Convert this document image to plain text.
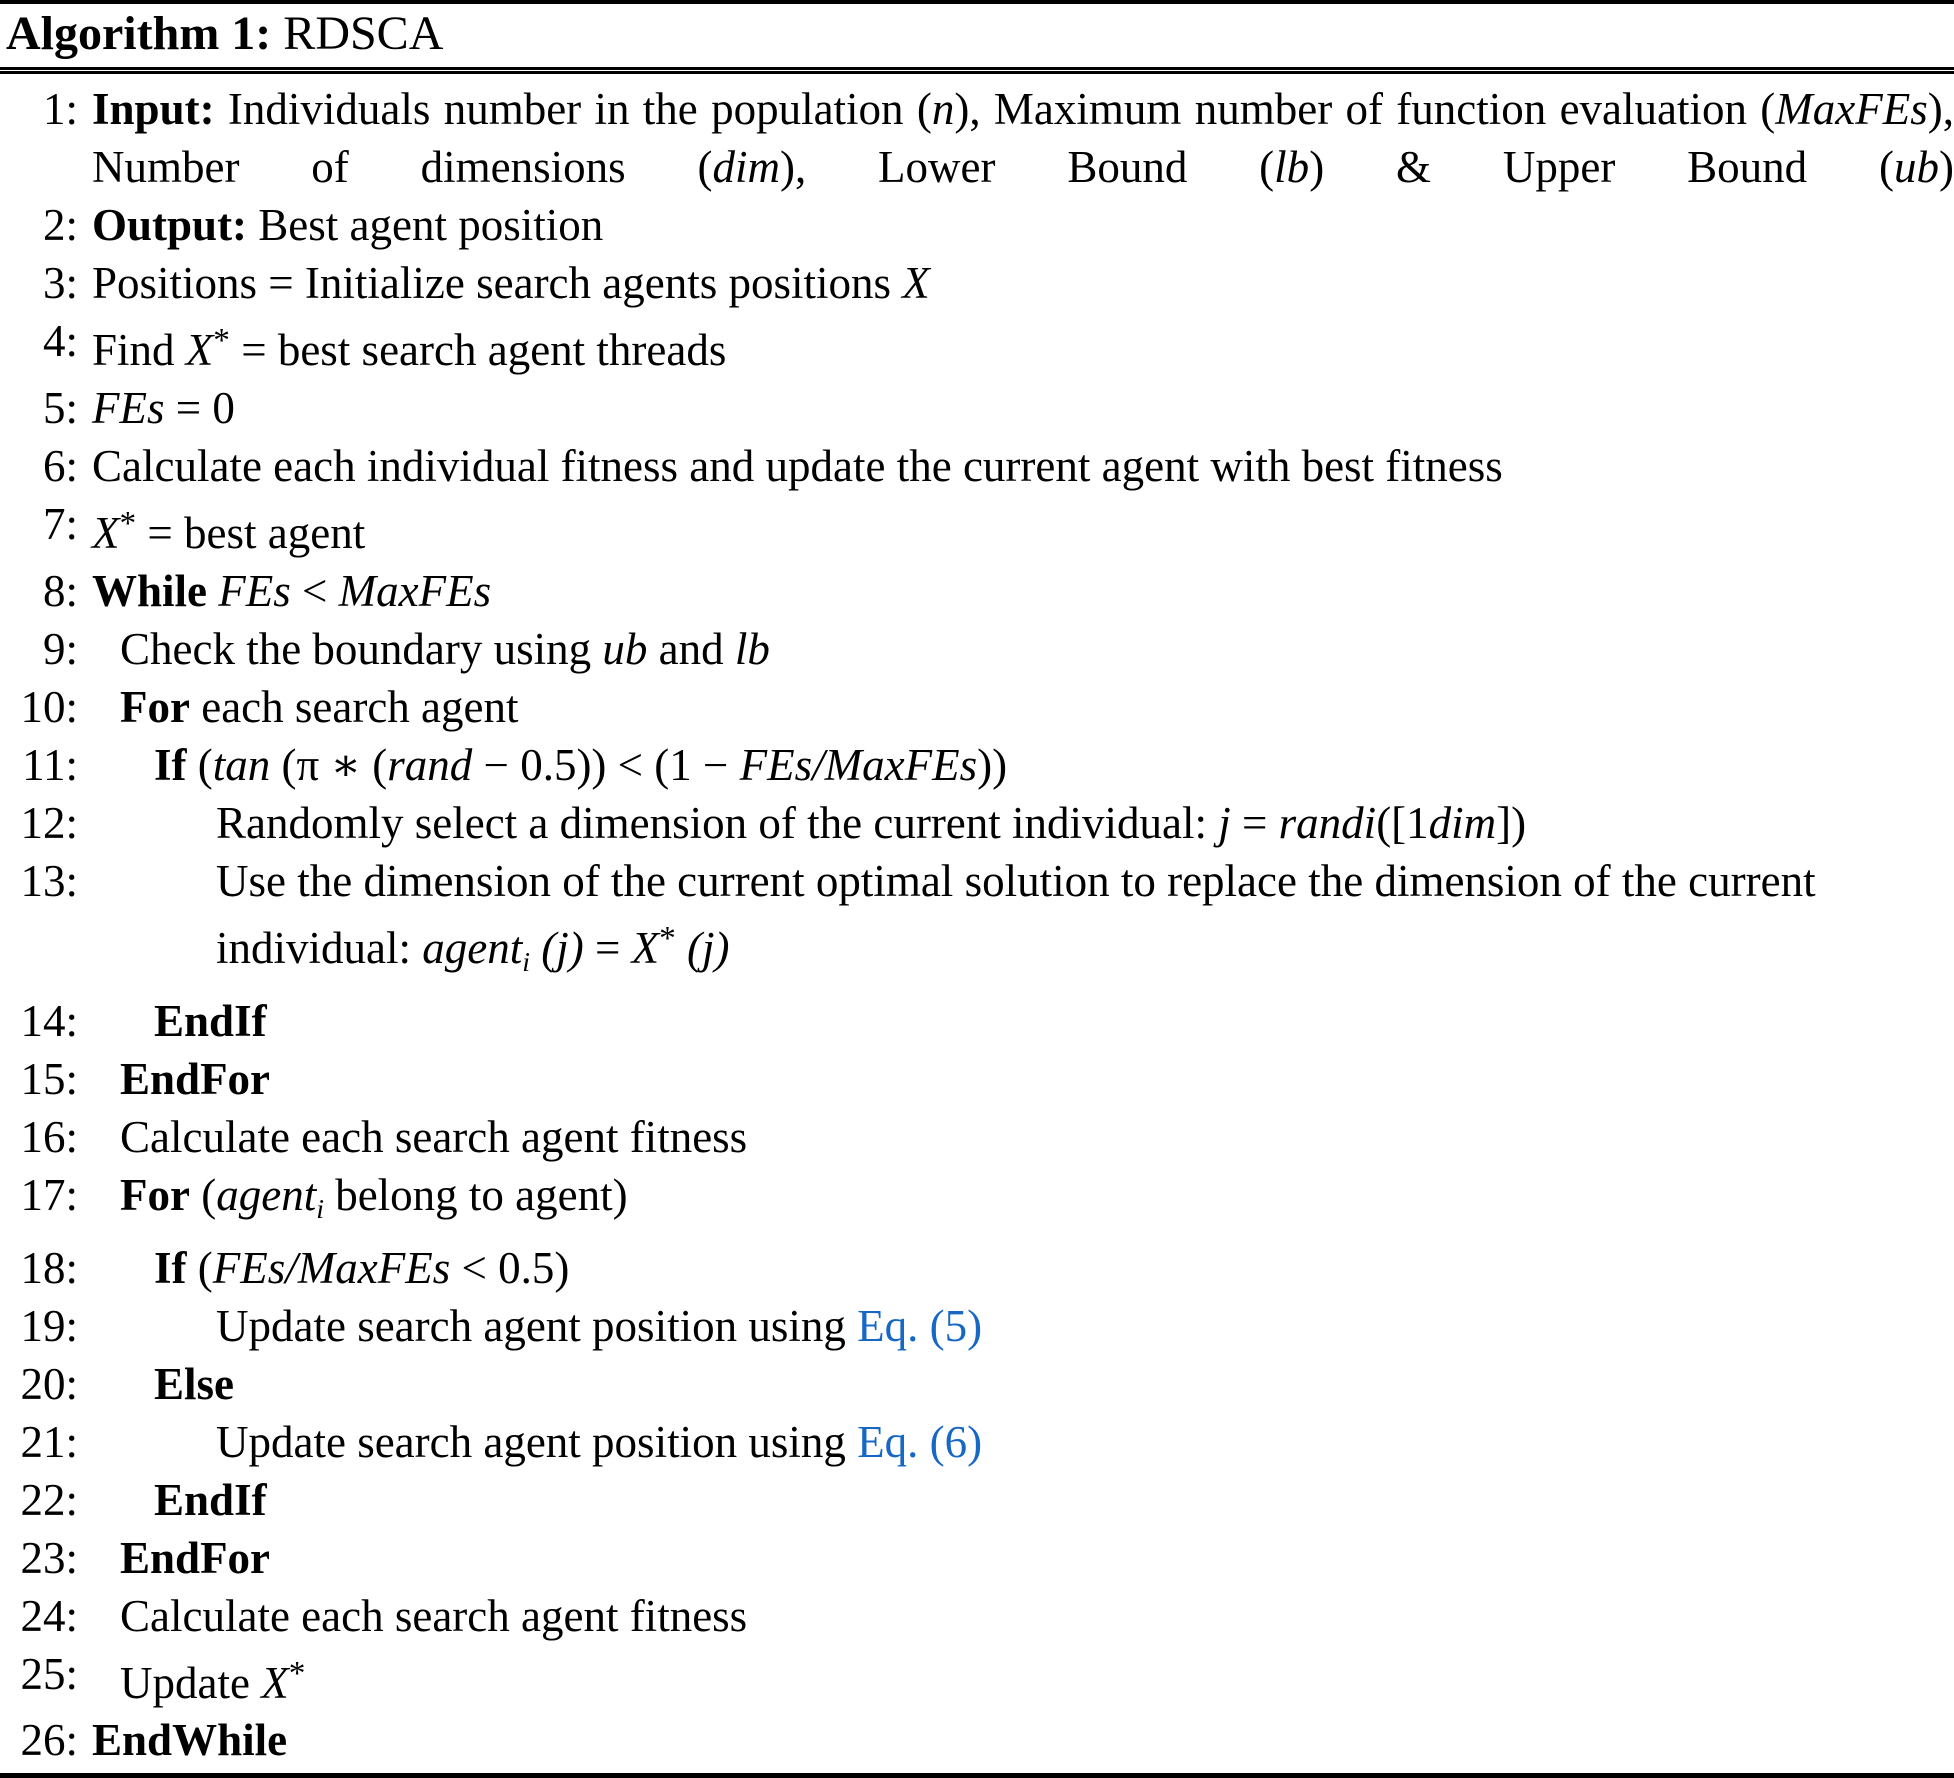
Algorithm 1: RDSCA
1: Input: Individuals number in the population (n), Maximum number of function evaluation (MaxFEs), Number of dimensions (dim), Lower Bound (lb) & Upper Bound (ub)
2: Output: Best agent position
3: Positions = Initialize search agents positions X
4: Find X* = best search agent threads
5: FEs = 0
6: Calculate each individual fitness and update the current agent with best fitness
7: X* = best agent
8: While FEs < MaxFEs
9: Check the boundary using ub and lb
10: For each search agent
11:	If (tan (π ∗ (rand − 0.5)) < (1 − FEs/MaxFEs))
12:	Randomly select a dimension of the current individual: j = randi([1dim])
13:	Use the dimension of the current optimal solution to replace the dimension of the current
individual: agent$_i$ (j) = X* (j)
14:	EndIf
15: EndFor
16: Calculate each search agent fitness
17: For (agent$_i$ belong to agent)
18:	If (FEs/MaxFEs < 0.5)
19:	Update search agent position using Eq. (5)
20:	Else
21:	Update search agent position using Eq. (6)
22:	EndIf
23: EndFor
24: Calculate each search agent fitness
25: Update X*
26: EndWhile
